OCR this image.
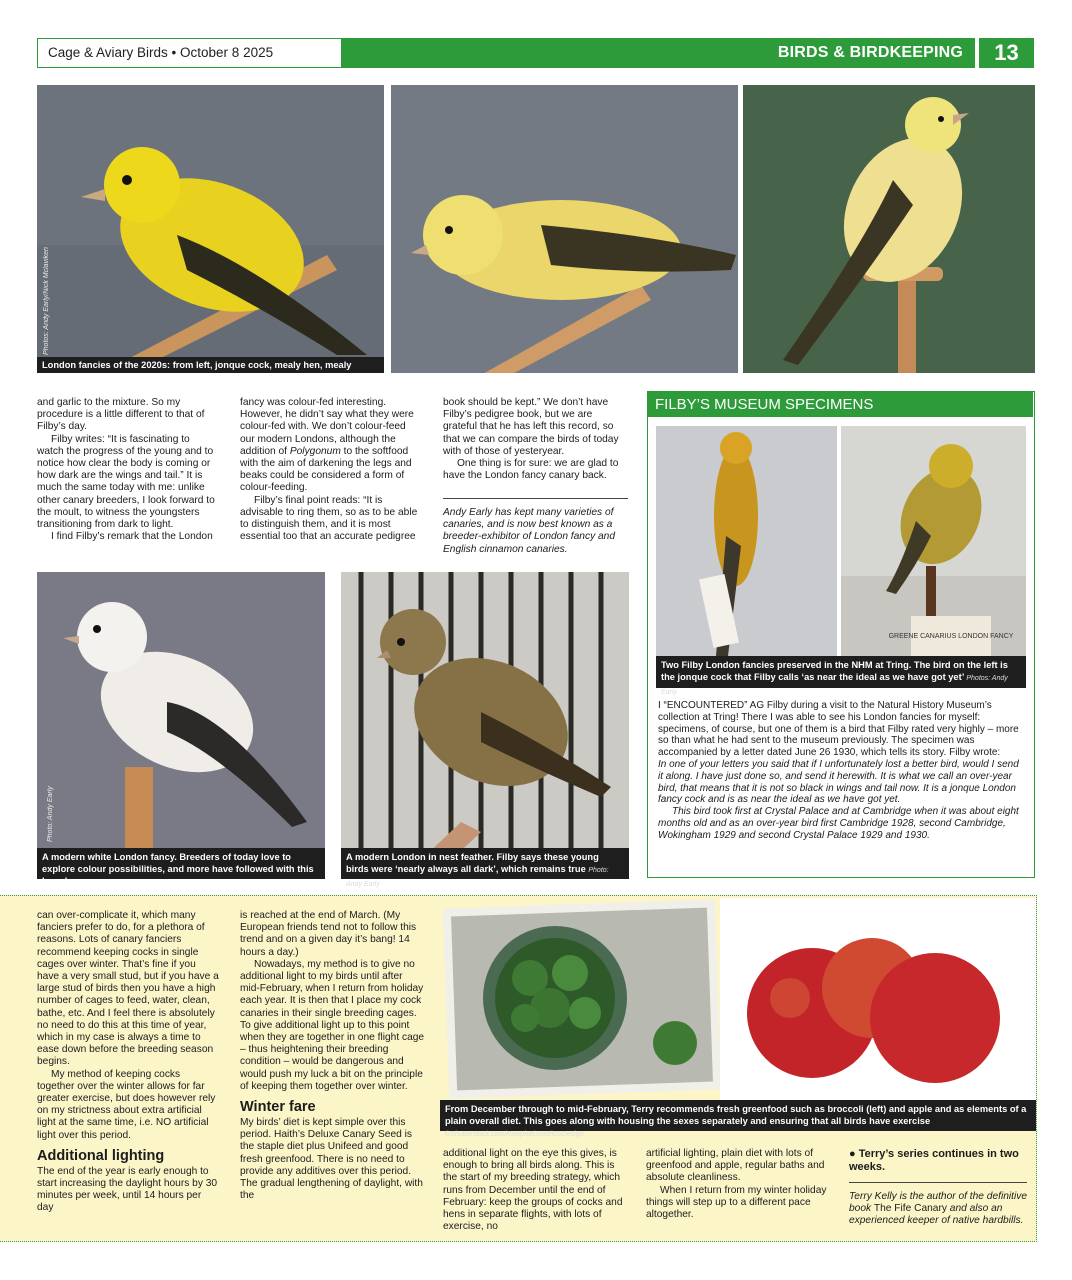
Cage & Aviary Birds • October 8 2025	BIRDS & BIRDKEEPING	13
Photos: Andy Early/Nick Mclaviken
London fancies of the 2020s: from left, jonque cock, mealy hen, mealy

and garlic to the mixture. So my procedure is a little different to that of Filby’s day.

Filby writes: “It is fascinating to watch the progress of the young and to notice how clear the body is coming or how dark are the wings and tail.” It is much the same today with me: unlike other canary breeders, I look forward to the moult, to witness the youngsters transitioning from dark to light.

I find Filby’s remark that the London

fancy was colour-fed interesting. However, he didn’t say what they were colour-fed with. We don’t colour-feed our modern Londons, although the addition of Polygonum to the softfood with the aim of darkening the legs and beaks could be considered a form of colour-feeding.

Filby’s final point reads: “It is advisable to ring them, so as to be able to distinguish them, and it is most essential too that an accurate pedigree

book should be kept.” We don’t have Filby’s pedigree book, but we are grateful that he has left this record, so that we can compare the birds of today with of those of yesteryear.

One thing is for sure: we are glad to have the London fancy canary back.

Andy Early has kept many varieties of canaries, and is now best known as a breeder-exhibitor of London fancy and English cinnamon canaries.
Photo: Andy Early
A modern white London fancy. Breeders of today love to explore colour possibilities, and more have followed with this breed
A modern London in nest feather. Filby says these young birds were ‘nearly always all dark’, which remains true Photo: Andy Early
FILBY’S MUSEUM SPECIMENS
GREENE CANARIUS LONDON FANCY
Two Filby London fancies preserved in the NHM at Tring. The bird on the left is the jonque cock that Filby calls ‘as near the ideal as we have got yet’ Photos: Andy Early

I “ENCOUNTERED” AG Filby during a visit to the Natural History Museum’s collection at Tring! There I was able to see his London fancies for myself: specimens, of course, but one of them is a bird that Filby rated very highly – more so than what he had sent to the museum previously. The specimen was accompanied by a letter dated June 26 1930, which tells its story. Filby wrote:

In one of your letters you said that if I unfortunately lost a better bird, would I send it along. I have just done so, and send it herewith. It is what we call an over-year bird, that means that it is not so black in wings and tail now. It is a jonque London fancy cock and is as near the ideal as we have got yet.

This bird took first at Crystal Palace and at Cambridge when it was about eight months old and as an over-year bird first Cambridge 1928, second Cambridge, Wokingham 1929 and second Crystal Palace 1929 and 1930.

can over-complicate it, which many fanciers prefer to do, for a plethora of reasons. Lots of canary fanciers recommend keeping cocks in single cages over winter. That’s fine if you have a very small stud, but if you have a large stud of birds then you have a high number of cages to feed, water, clean, bathe, etc. And I feel there is absolutely no need to do this at this time of year, which in my case is always a time to ease down before the breeding season begins.

My method of keeping cocks together over the winter allows for far greater exercise, but does however rely on my strictness about extra artificial light at the same time, i.e. NO artificial light over this period.

Additional lighting

The end of the year is early enough to start increasing the daylight hours by 30 minutes per week, until 14 hours per day

is reached at the end of March. (My European friends tend not to follow this trend and on a given day it’s bang! 14 hours a day.)

Nowadays, my method is to give no additional light to my birds until after mid-February, when I return from holiday each year. It is then that I place my cock canaries in their single breeding cages. To give additional light up to this point when they are together in one flight cage – thus heightening their breeding condition – would be dangerous and would push my luck a bit on the principle of keeping them together over winter.

Winter fare

My birds’ diet is kept simple over this period. Haith’s Deluxe Canary Seed is the staple diet plus Unifeed and good fresh greenfood. There is no need to provide any additives over this period. The gradual lengthening of daylight, with the

From December through to mid-February, Terry recommends fresh greenfood such as broccoli (left) and apple and as elements of a plain overall diet. This goes along with housing the sexes separately and ensuring that all birds have exercise ©Shutterstock.com/Rawpixel.com/GSDesign

additional light on the eye this gives, is enough to bring all birds along. This is the start of my breeding strategy, which runs from December until the end of February: keep the groups of cocks and hens in separate flights, with lots of exercise, no

artificial lighting, plain diet with lots of greenfood and apple, regular baths and absolute cleanliness.

When I return from my winter holiday things will step up to a different pace altogether.

● Terry’s series continues in two weeks.

Terry Kelly is the author of the definitive book The Fife Canary and also an experienced keeper of native hardbills.
